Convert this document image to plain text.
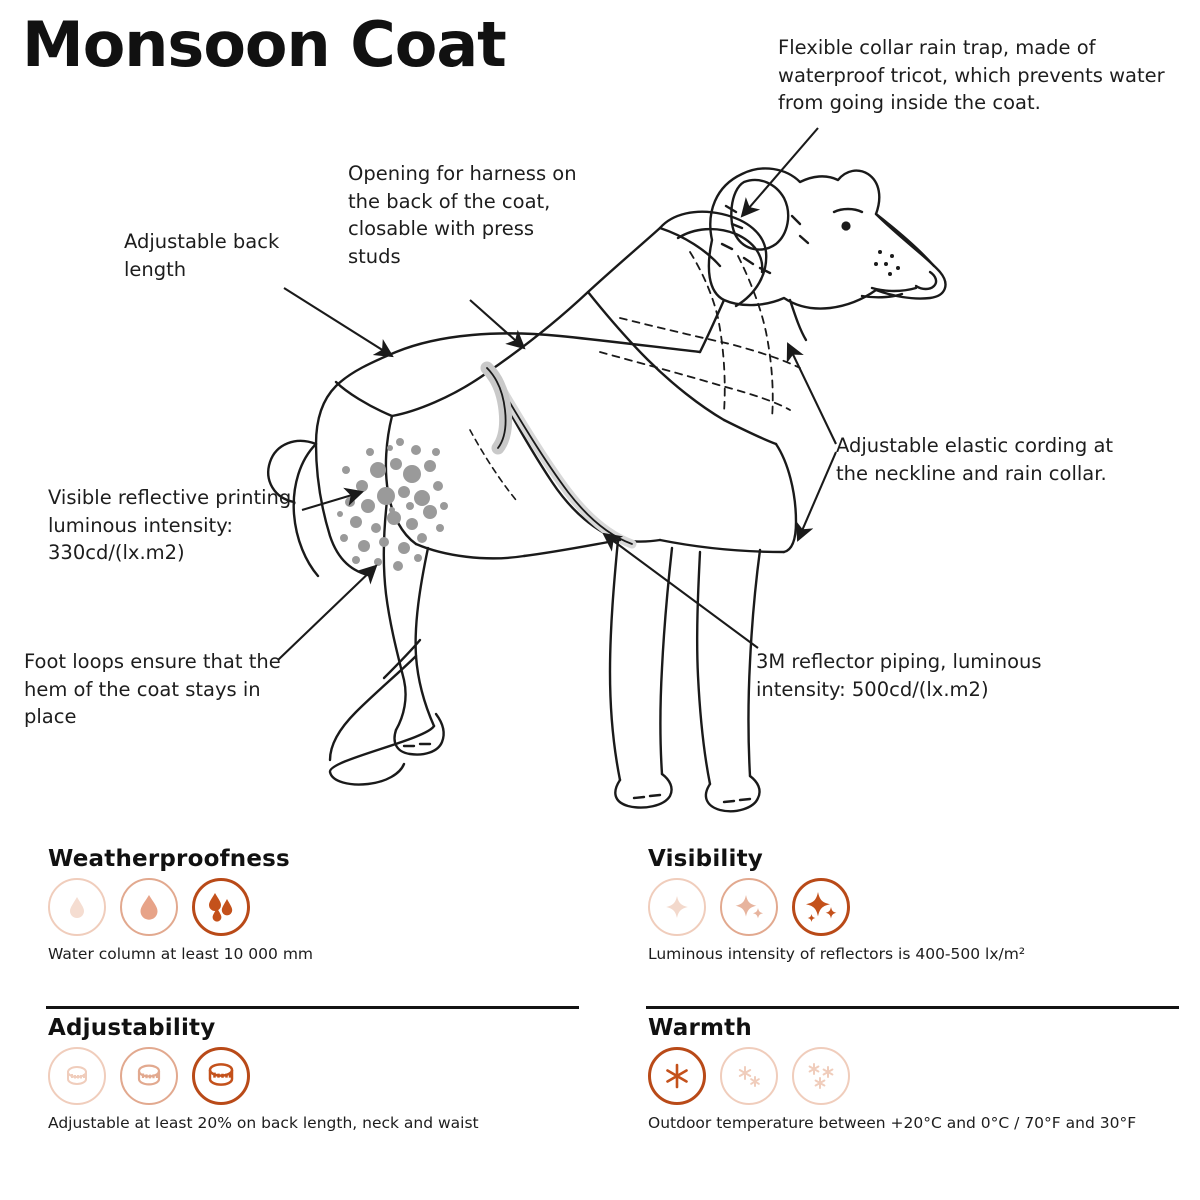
Monsoon Coat	Flexible collar rain trap, made of waterproof tricot, which prevents water from going inside the coat.
Opening for harness on the back of the coat, closable with press studs
Adjustable back length
Adjustable elastic cording at the neckline and rain collar.
Visible reflective printing, luminous intensity: 330cd/(lx.m2)
Foot loops ensure that the hem of the coat stays in place
3M reflector piping, luminous intensity: 500cd/(lx.m2)
Weatherproofness
Water column at least 10 000 mm
Visibility
Luminous intensity of reflectors is 400-500 lx/m²
Adjustability
Adjustable at least 20% on back length, neck and waist
Warmth
Outdoor temperature between +20°C and 0°C / 70°F and 30°F
